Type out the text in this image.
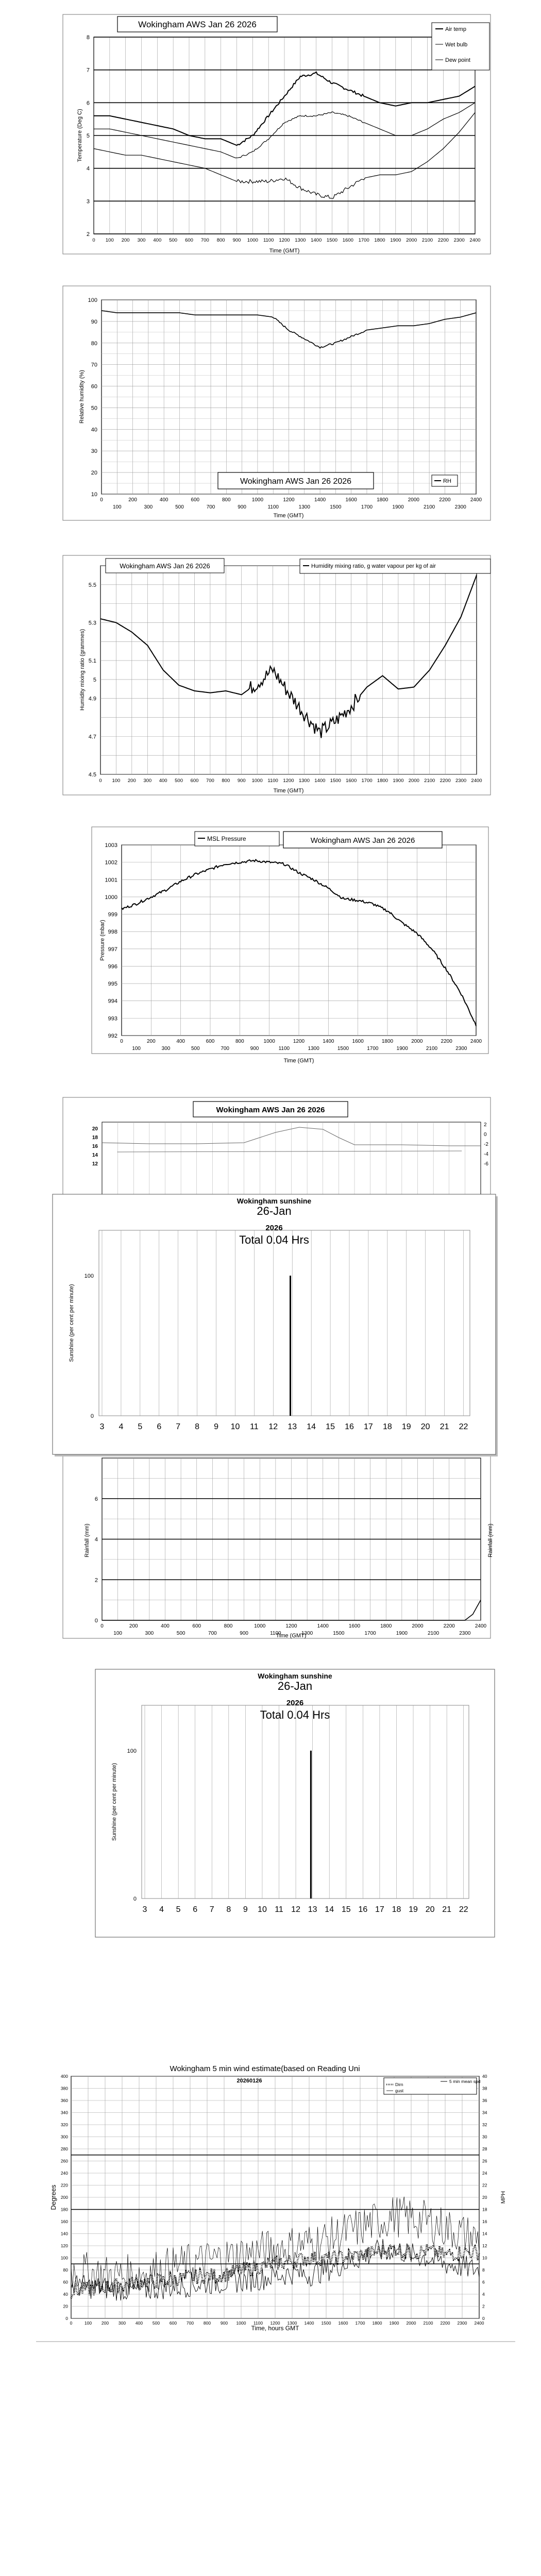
2
3
4
5
6
7
8
0 100 200 300 400 500 600 700 800 900 1000 1100 1200 1300 1400 1500 1600 1700 1800 1900 2000 2100 2200 2300 2400
Wokingham AWS Jan 26 2026	Air temp
Wet bulb
Dew point
Temperature (Deg C)
Time (GMT)
10
20
30
40
50
60
70
80
90
100
0	200	400	600	800	1000	1200	1400	1600	1800	2000	2200	2400
100	300	500	700	900	1100	1300	1500	1700	1900	2100	2300
Wokingham AWS Jan 26 2026	RH
Relative humidity (%)
Time (GMT)
4.5
4.7
4.9
5
5.1
5.3
5.5
0 100 200 300 400 500 600 700 800 900 1000 1100 1200 1300 1400 1500 1600 1700 1800 1900 2000 2100 2200 2300 2400
Wokingham AWS Jan 26 2026	Humidity mixing ratio, g water vapour per kg of air
Humidity mixing ratio (grammes)
Time (GMT)
992
993
994
995
996
997
998
999
1000
1001
1002
1003
0	200	400	600	800	1000	1200	1400	1600	1800	2000	2200	2400
100	300	500	700	900	1100	1300	1500	1700	1900	2100	2300
MSL Pressure	Wokingham AWS Jan 26 2026
Pressure (mbar)
Time (GMT)
20
18
16
14
12
2
0
-2
-4
-6
Wokingham AWS Jan 26 2026
0
2
4
6
0	200	400	600	800	1000	1200	1400	1600	1800	2000	2200	2400
100	300	500	700	900	1100	1300	1500	1700	1900	2100	2300
Rainfall (mm)	Rainfall (mm)
Time (GMT)
3 4 5 6 7 8 9 10 11 12 13 14 15 16 17 18 19 20 21 22
100
0
Wokingham sunshine
26-Jan
2026
Total 0.04 Hrs
Sunshine (per cent per minute)
3 4 5 6 7 8 9 10 11 12 13 14 15 16 17 18 19 20 21 22
100
0
Wokingham sunshine
26-Jan
2026
Total 0.04 Hrs
Sunshine (per cent per minute)
0	0
20	2
40	4
60	6
80	8
100	10
120	12
140	14
160	16
180	18
200	20
220	22
240	24
260	26
280	28
300	30
320	32
340	34
360	36
380	38
400	40
0	100 200 300 400 500 600 700 800 900 1000 1100 1200 1300 1400 1500 1600 1700 1800 1900 2000 2100 2200 2300 2400
Wokingham 5 min wind estimate(based on Reading Uni
20260126	5 min mean spd
Dirn
gust
Degrees	MPH
Time, hours GMT
